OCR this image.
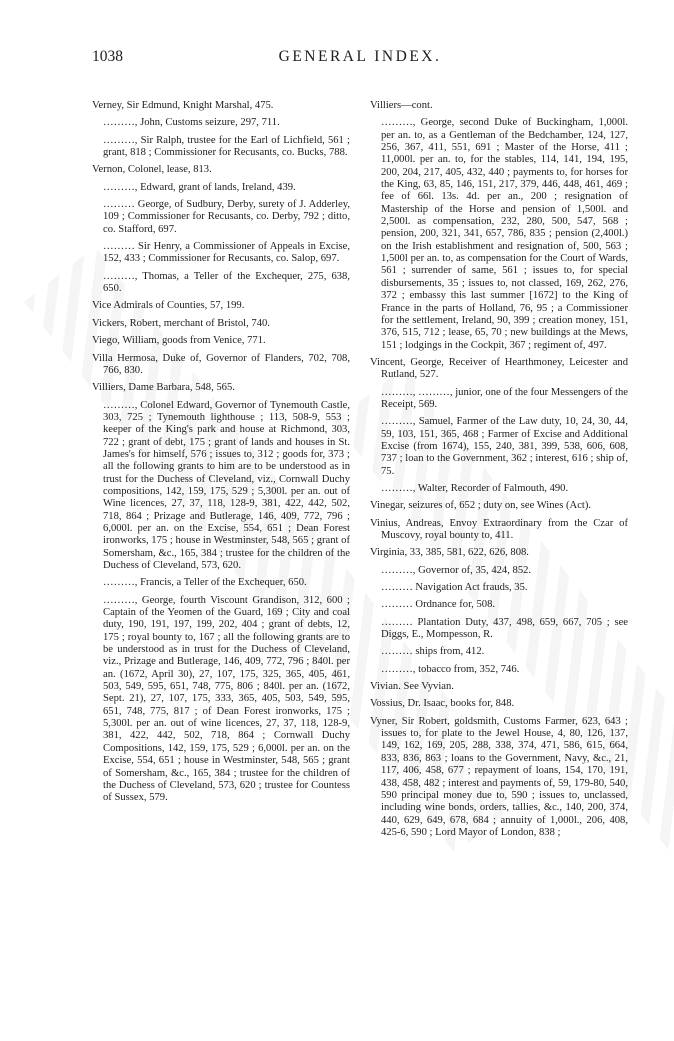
1038	GENERAL INDEX.

Verney, Sir Edmund, Knight Marshal, 475.

………, John, Customs seizure, 297, 711.

………, Sir Ralph, trustee for the Earl of Lichfield, 561 ; grant, 818 ; Commissioner for Recusants, co. Bucks, 788.

Vernon, Colonel, lease, 813.

………, Edward, grant of lands, Ireland, 439.

……… George, of Sudbury, Derby, surety of J. Adderley, 109 ; Commissioner for Recusants, co. Derby, 792 ; ditto, co. Stafford, 697.

……… Sir Henry, a Commissioner of Appeals in Excise, 152, 433 ; Commissioner for Recusants, co. Salop, 697.

………, Thomas, a Teller of the Exchequer, 275, 638, 650.

Vice Admirals of Counties, 57, 199.

Vickers, Robert, merchant of Bristol, 740.

Viego, William, goods from Venice, 771.

Villa Hermosa, Duke of, Governor of Flanders, 702, 708, 766, 830.

Villiers, Dame Barbara, 548, 565.

………, Colonel Edward, Governor of Tynemouth Castle, 303, 725 ; Tynemouth lighthouse ; 113, 508-9, 553 ; keeper of the King's park and house at Richmond, 303, 722 ; grant of debt, 175 ; grant of lands and houses in St. James's for himself, 576 ; issues to, 312 ; goods for, 373 ; all the following grants to him are to be understood as in trust for the Duchess of Cleveland, viz., Cornwall Duchy compositions, 142, 159, 175, 529 ; 5,300l. per an. out of Wine licences, 27, 37, 118, 128-9, 381, 422, 442, 502, 718, 864 ; Prizage and Butlerage, 146, 409, 772, 796 ; 6,000l. per an. on the Excise, 554, 651 ; Dean Forest ironworks, 175 ; house in Westminster, 548, 565 ; grant of Somersham, &c., 165, 384 ; trustee for the children of the Duchess of Cleveland, 573, 620.

………, Francis, a Teller of the Exchequer, 650.

………, George, fourth Viscount Grandison, 312, 600 ; Captain of the Yeomen of the Guard, 169 ; City and coal duty, 190, 191, 197, 199, 202, 404 ; grant of debts, 12, 175 ; royal bounty to, 167 ; all the following grants are to be understood as in trust for the Duchess of Cleveland, viz., Prizage and Butlerage, 146, 409, 772, 796 ; 840l. per an. (1672, April 30), 27, 107, 175, 325, 365, 405, 461, 503, 549, 595, 651, 748, 775, 806 ; 840l. per an. (1672, Sept. 21), 27, 107, 175, 333, 365, 405, 503, 549, 595, 651, 748, 775, 817 ; of Dean Forest ironworks, 175 ; 5,300l. per an. out of wine licences, 27, 37, 118, 128-9, 381, 422, 442, 502, 718, 864 ; Cornwall Duchy Compositions, 142, 159, 175, 529 ; 6,000l. per an. on the Excise, 554, 651 ; house in Westminster, 548, 565 ; grant of Somersham, &c., 165, 384 ; trustee for the children of the Duchess of Cleveland, 573, 620 ; trustee for Countess of Sussex, 579.

Villiers—cont.

………, George, second Duke of Buckingham, 1,000l. per an. to, as a Gentleman of the Bedchamber, 124, 127, 256, 367, 411, 551, 691 ; Master of the Horse, 411 ; 11,000l. per an. to, for the stables, 114, 141, 194, 195, 200, 204, 217, 405, 432, 440 ; payments to, for horses for the King, 63, 85, 146, 151, 217, 379, 446, 448, 461, 469 ; fee of 66l. 13s. 4d. per an., 200 ; resignation of Mastership of the Horse and pension of 1,500l. and 2,500l. as compensation, 232, 280, 500, 547, 568 ; pension, 200, 321, 341, 657, 786, 835 ; pension (2,400l.) on the Irish establishment and resignation of, 500, 563 ; 1,500l per an. to, as compensation for the Court of Wards, 561 ; surrender of same, 561 ; issues to, for special disbursements, 35 ; issues to, not classed, 169, 262, 276, 372 ; embassy this last summer [1672] to the King of France in the parts of Holland, 76, 95 ; a Commissioner for the settlement, Ireland, 90, 399 ; creation money, 151, 376, 515, 712 ; lease, 65, 70 ; new buildings at the Mews, 151 ; lodgings in the Cockpit, 367 ; regiment of, 497.

Vincent, George, Receiver of Hearthmoney, Leicester and Rutland, 527.

………, ………, junior, one of the four Messengers of the Receipt, 569.

………, Samuel, Farmer of the Law duty, 10, 24, 30, 44, 59, 103, 151, 365, 468 ; Farmer of Excise and Additional Excise (from 1674), 155, 240, 381, 399, 538, 606, 608, 737 ; loan to the Government, 362 ; interest, 616 ; ship of, 75.

………, Walter, Recorder of Falmouth, 490.

Vinegar, seizures of, 652 ; duty on, see Wines (Act).

Vinius, Andreas, Envoy Extraordinary from the Czar of Muscovy, royal bounty to, 411.

Virginia, 33, 385, 581, 622, 626, 808.

………, Governor of, 35, 424, 852.

……… Navigation Act frauds, 35.

……… Ordnance for, 508.

……… Plantation Duty, 437, 498, 659, 667, 705 ; see Diggs, E., Mompesson, R.

……… ships from, 412.

………, tobacco from, 352, 746.

Vivian. See Vyvian.

Vossius, Dr. Isaac, books for, 848.

Vyner, Sir Robert, goldsmith, Customs Farmer, 623, 643 ; issues to, for plate to the Jewel House, 4, 80, 126, 137, 149, 162, 169, 205, 288, 338, 374, 471, 586, 615, 664, 833, 836, 863 ; loans to the Government, Navy, &c., 21, 117, 406, 458, 677 ; repayment of loans, 154, 170, 191, 438, 458, 482 ; interest and payments of, 59, 179-80, 540, 590 principal money due to, 590 ; issues to, unclassed, including wine bonds, orders, tallies, &c., 140, 200, 374, 440, 629, 649, 678, 684 ; annuity of 1,000l., 206, 408, 425-6, 590 ; Lord Mayor of London, 838 ;
